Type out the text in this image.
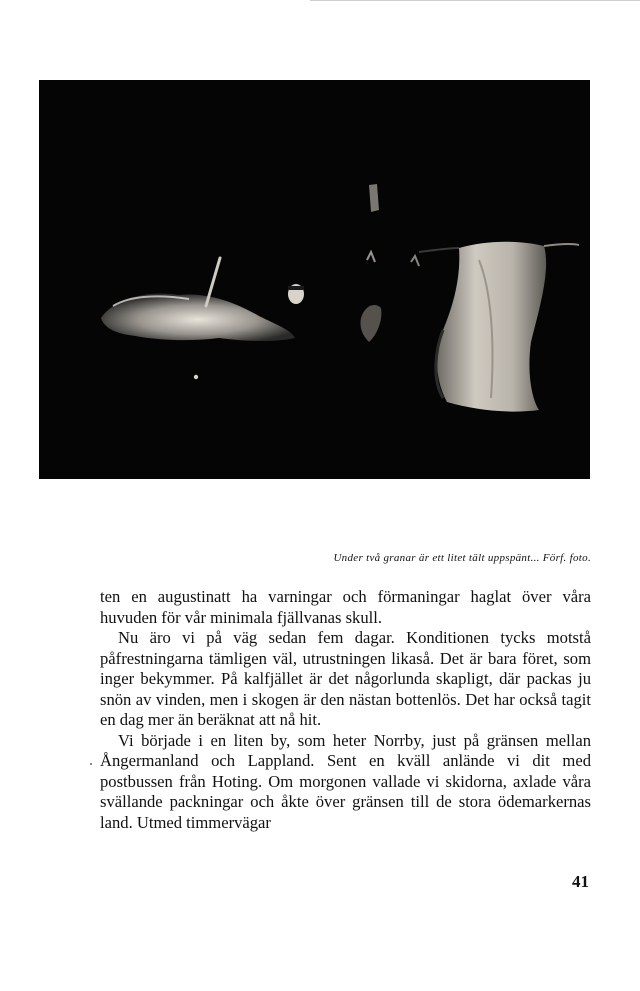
Under två granar är ett litet tält uppspänt... Förf. foto.

ten en augustinatt ha varningar och förmaningar haglat över våra huvuden för vår minimala fjällvanas skull.

Nu äro vi på väg sedan fem dagar. Konditionen tycks motstå påfrestningarna tämligen väl, utrustningen likaså. Det är bara föret, som inger bekymmer. På kalfjället är det någorlunda skapligt, där packas ju snön av vinden, men i skogen är den nästan bottenlös. Det har också tagit en dag mer än beräknat att nå hit.

Vi började i en liten by, som heter Norrby, just på gränsen mellan Ångermanland och Lappland. Sent en kväll anlände vi dit med postbussen från Hoting. Om morgonen vallade vi skidorna, axlade våra svällande packningar och åkte över gränsen till de stora ödemarkernas land. Utmed timmervägar

41
